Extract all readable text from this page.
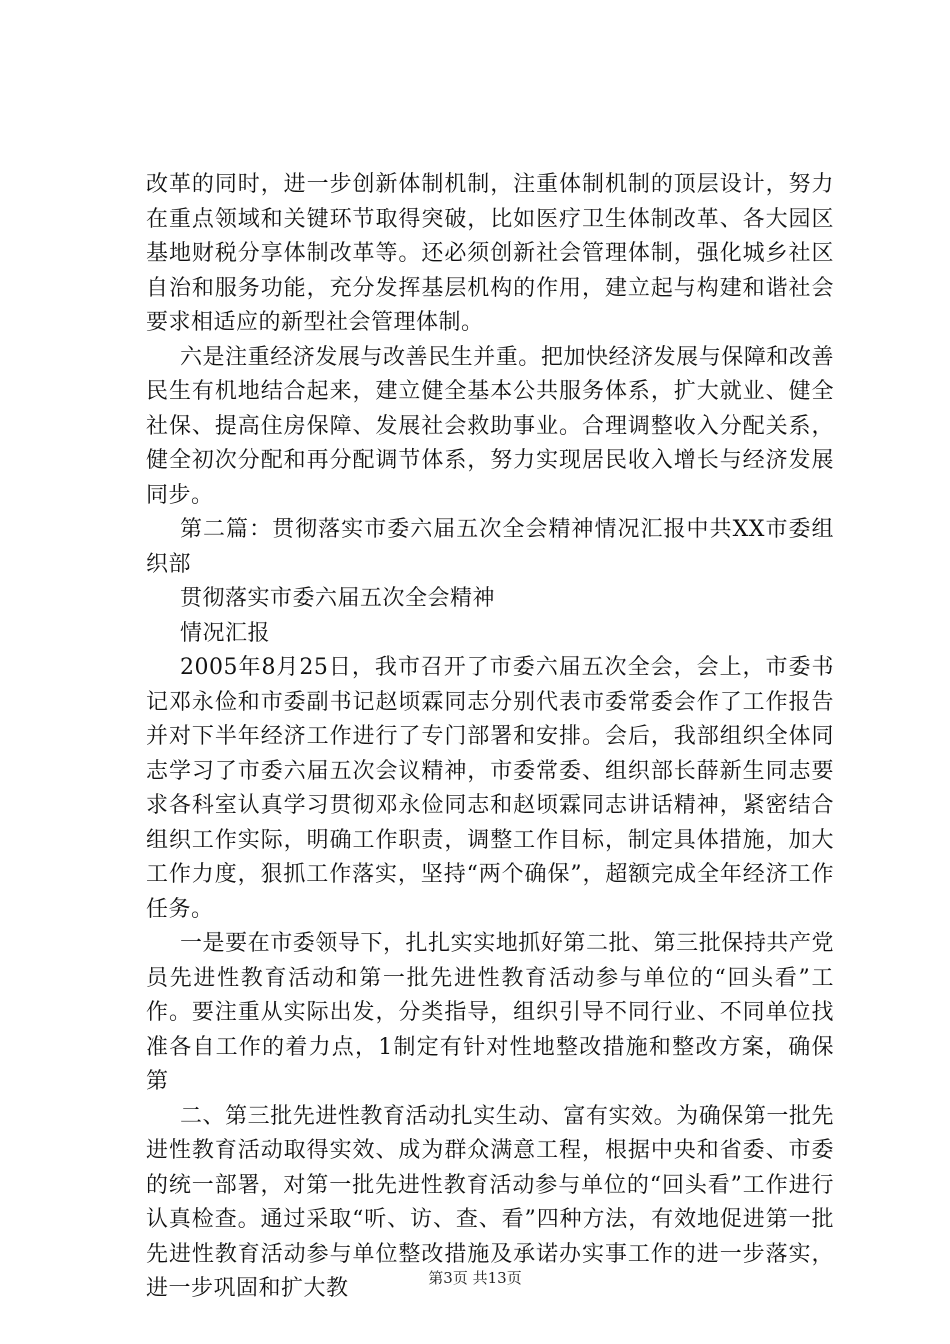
改革的同时，进一步创新体制机制，注重体制机制的顶层设计，努力在重点领域和关键环节取得突破，比如医疗卫生体制改革、各大园区基地财税分享体制改革等。还必须创新社会管理体制，强化城乡社区自治和服务功能，充分发挥基层机构的作用，建立起与构建和谐社会要求相适应的新型社会管理体制。

六是注重经济发展与改善民生并重。把加快经济发展与保障和改善民生有机地结合起来，建立健全基本公共服务体系，扩大就业、健全社保、提高住房保障、发展社会救助事业。合理调整收入分配关系，健全初次分配和再分配调节体系，努力实现居民收入增长与经济发展同步。

第二篇：贯彻落实市委六届五次全会精神情况汇报中共XX市委组织部

贯彻落实市委六届五次全会精神

情况汇报

2005年8月25日，我市召开了市委六届五次全会，会上，市委书记邓永俭和市委副书记赵顷霖同志分别代表市委常委会作了工作报告并对下半年经济工作进行了专门部署和安排。会后，我部组织全体同志学习了市委六届五次会议精神，市委常委、组织部长薛新生同志要求各科室认真学习贯彻邓永俭同志和赵顷霖同志讲话精神，紧密结合组织工作实际，明确工作职责，调整工作目标，制定具体措施，加大工作力度，狠抓工作落实，坚持“两个确保”，超额完成全年经济工作任务。

一是要在市委领导下，扎扎实实地抓好第二批、第三批保持共产党员先进性教育活动和第一批先进性教育活动参与单位的“回头看”工作。要注重从实际出发，分类指导，组织引导不同行业、不同单位找准各自工作的着力点，1制定有针对性地整改措施和整改方案，确保第

二、第三批先进性教育活动扎实生动、富有实效。为确保第一批先进性教育活动取得实效、成为群众满意工程，根据中央和省委、市委的统一部署，对第一批先进性教育活动参与单位的“回头看”工作进行认真检查。通过采取“听、访、查、看”四种方法，有效地促进第一批先进性教育活动参与单位整改措施及承诺办实事工作的进一步落实，进一步巩固和扩大教	第3页 共13页
